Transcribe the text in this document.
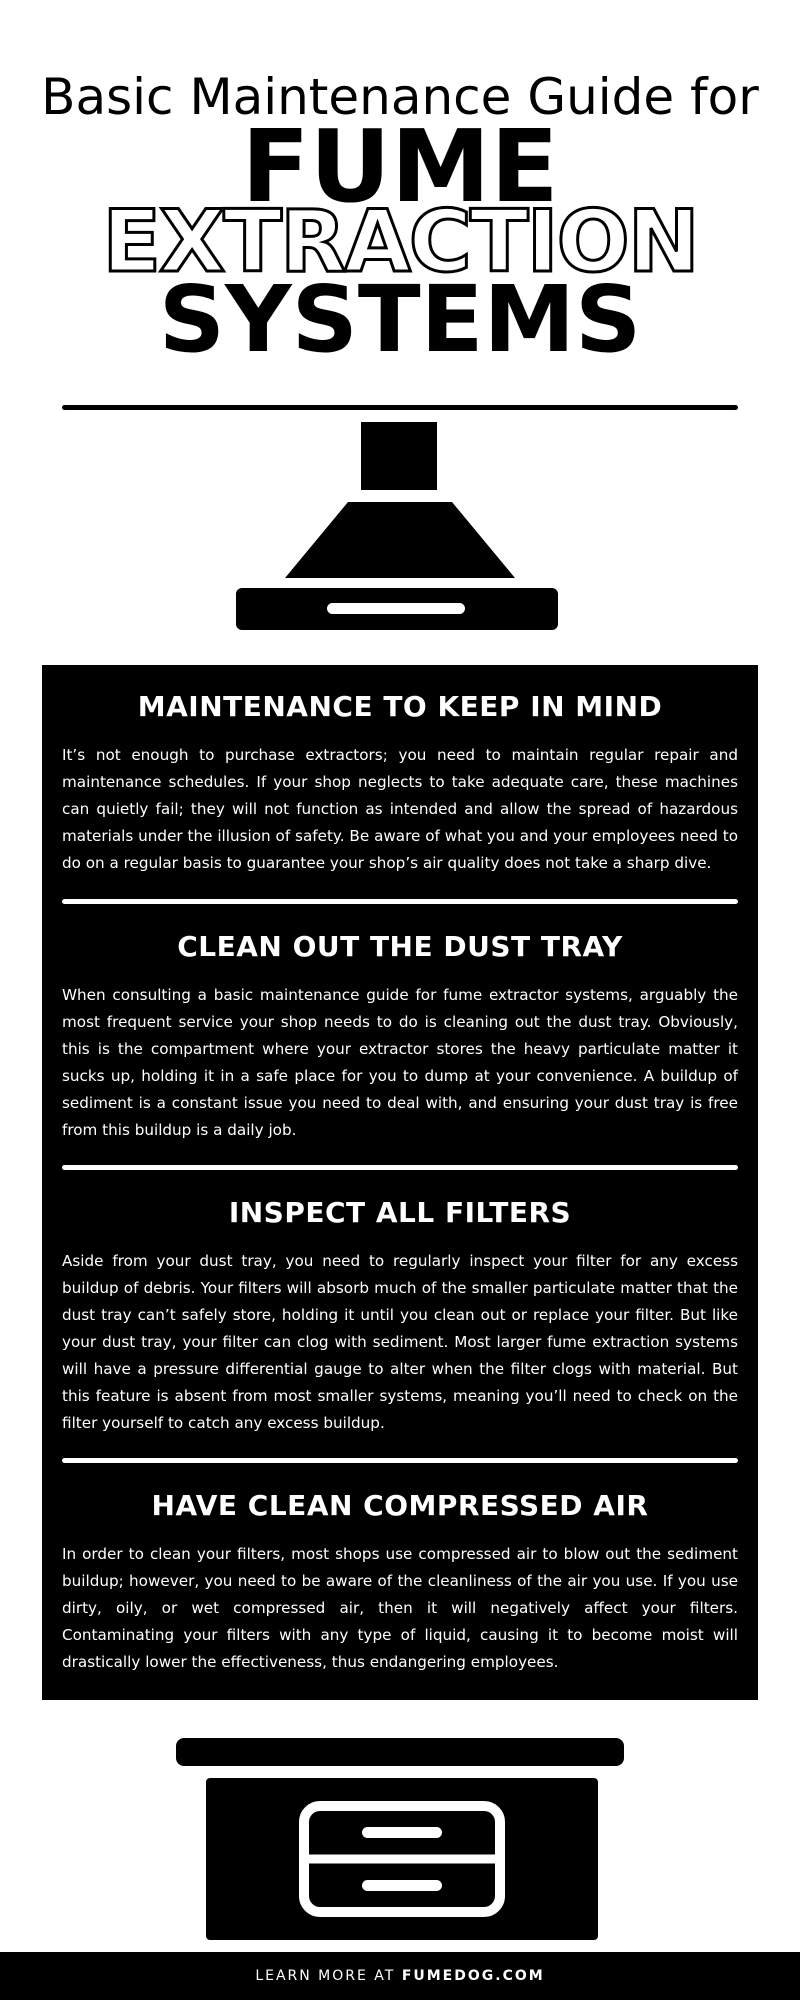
Basic Maintenance Guide for
FUME
EXTRACTION
SYSTEMS
MAINTENANCE TO KEEP IN MIND

It’s not enough to purchase extractors; you need to maintain regular repair and maintenance schedules. If your shop neglects to take adequate care, these machines can quietly fail; they will not function as intended and allow the spread of hazardous materials under the illusion of safety. Be aware of what you and your employees need to do on a regular basis to guarantee your shop’s air quality does not take a sharp dive.

CLEAN OUT THE DUST TRAY

When consulting a basic maintenance guide for fume extractor systems, arguably the most frequent service your shop needs to do is cleaning out the dust tray. Obviously, this is the compartment where your extractor stores the heavy particulate matter it sucks up, holding it in a safe place for you to dump at your convenience. A buildup of sediment is a constant issue you need to deal with, and ensuring your dust tray is free from this buildup is a daily job.

INSPECT ALL FILTERS

Aside from your dust tray, you need to regularly inspect your filter for any excess buildup of debris. Your filters will absorb much of the smaller particulate matter that the dust tray can’t safely store, holding it until you clean out or replace your filter. But like your dust tray, your filter can clog with sediment. Most larger fume extraction systems will have a pressure differential gauge to alter when the filter clogs with material. But this feature is absent from most smaller systems, meaning you’ll need to check on the filter yourself to catch any excess buildup.

HAVE CLEAN COMPRESSED AIR

In order to clean your filters, most shops use compressed air to blow out the sediment buildup; however, you need to be aware of the cleanliness of the air you use. If you use dirty, oily, or wet compressed air, then it will negatively affect your filters. Contaminating your filters with any type of liquid, causing it to become moist will drastically lower the effectiveness, thus endangering employees.

LEARN MORE AT FUMEDOG.COM
